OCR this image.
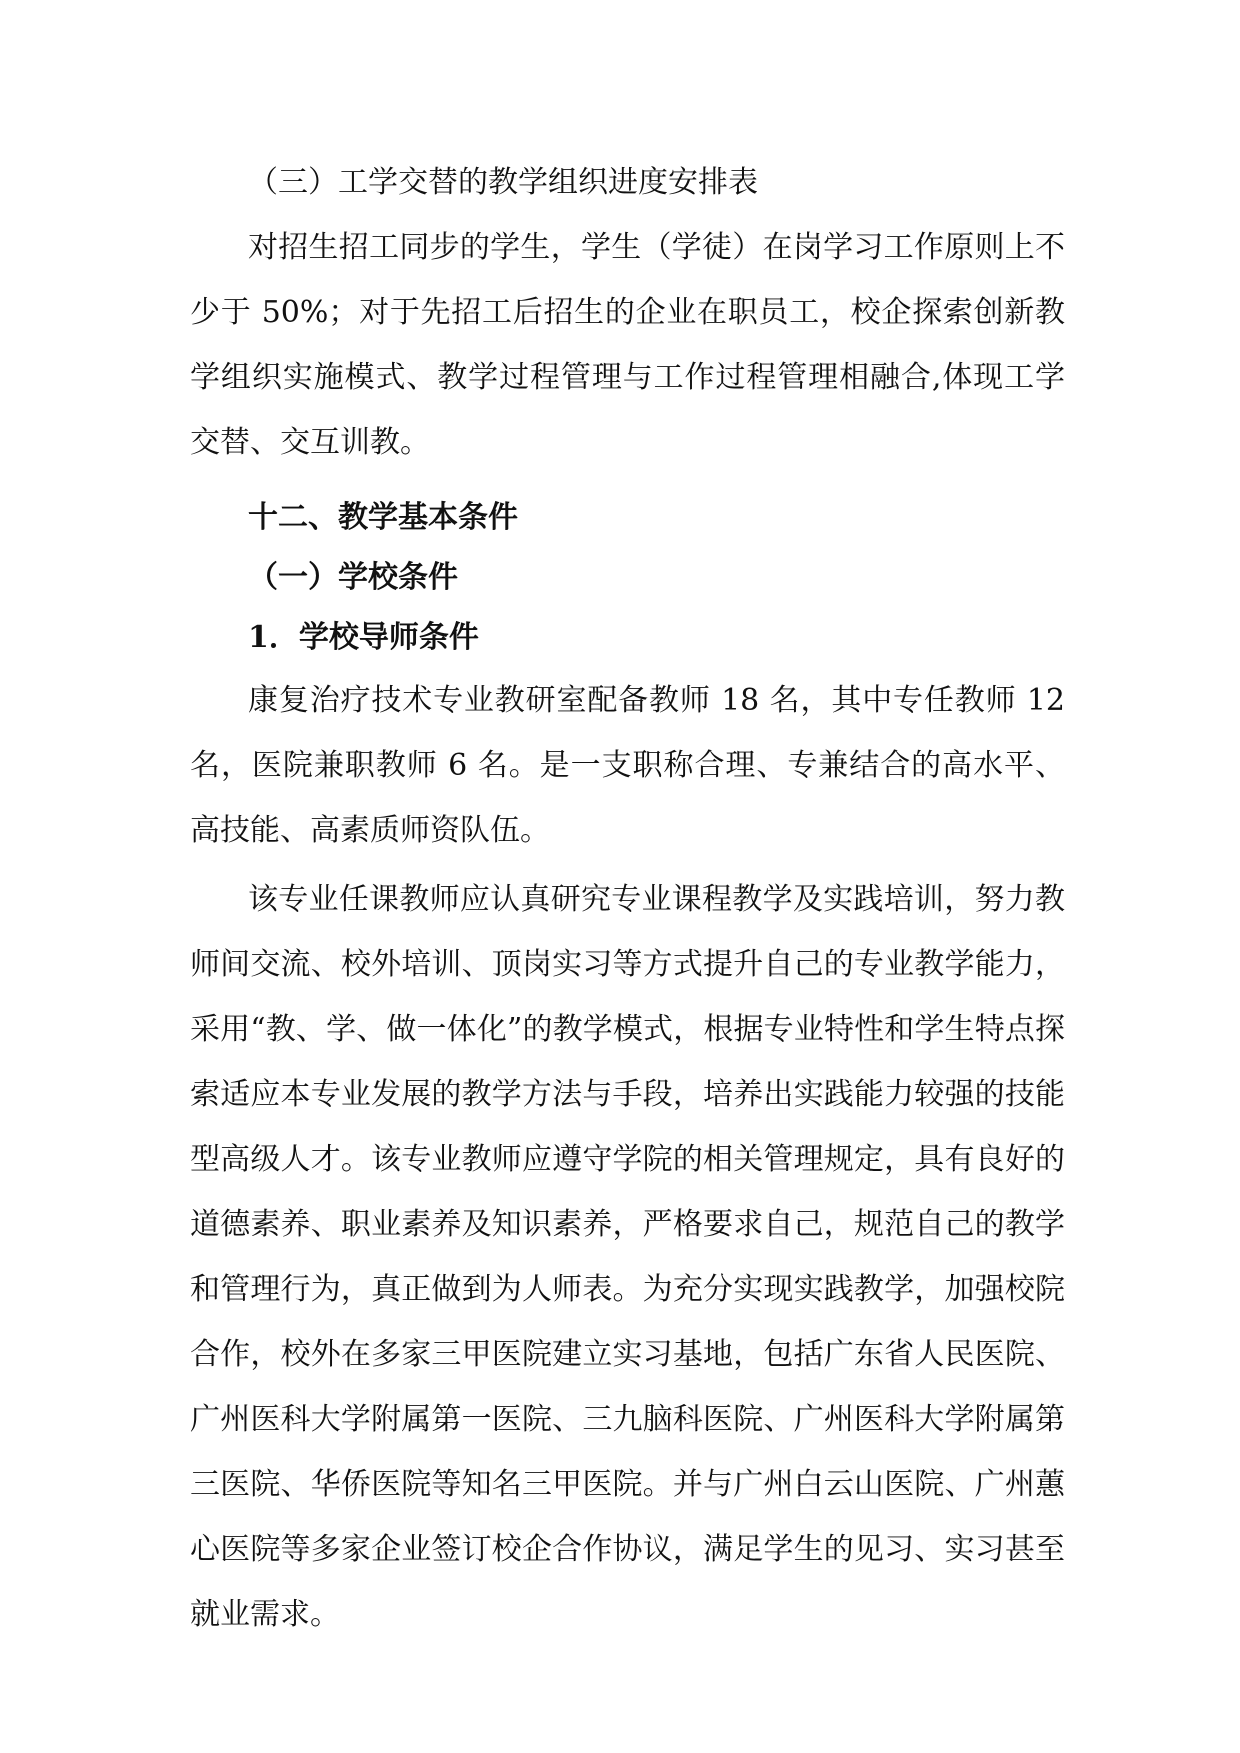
（三）工学交替的教学组织进度安排表

对招生招工同步的学生，学生（学徒）在岗学习工作原则上不少于 50%；对于先招工后招生的企业在职员工，校企探索创新教学组织实施模式、教学过程管理与工作过程管理相融合,体现工学交替、交互训教。

十二、教学基本条件

（一）学校条件

1．学校导师条件

康复治疗技术专业教研室配备教师 18 名，其中专任教师 12 名，医院兼职教师 6 名。是一支职称合理、专兼结合的高水平、高技能、高素质师资队伍。

该专业任课教师应认真研究专业课程教学及实践培训，努力教师间交流、校外培训、顶岗实习等方式提升自己的专业教学能力，采用“教、学、做一体化”的教学模式，根据专业特性和学生特点探索适应本专业发展的教学方法与手段，培养出实践能力较强的技能型高级人才。该专业教师应遵守学院的相关管理规定，具有良好的道德素养、职业素养及知识素养，严格要求自己，规范自己的教学和管理行为，真正做到为人师表。为充分实现实践教学，加强校院合作，校外在多家三甲医院建立实习基地，包括广东省人民医院、广州医科大学附属第一医院、三九脑科医院、广州医科大学附属第三医院、华侨医院等知名三甲医院。并与广州白云山医院、广州蕙心医院等多家企业签订校企合作协议，满足学生的见习、实习甚至就业需求。
